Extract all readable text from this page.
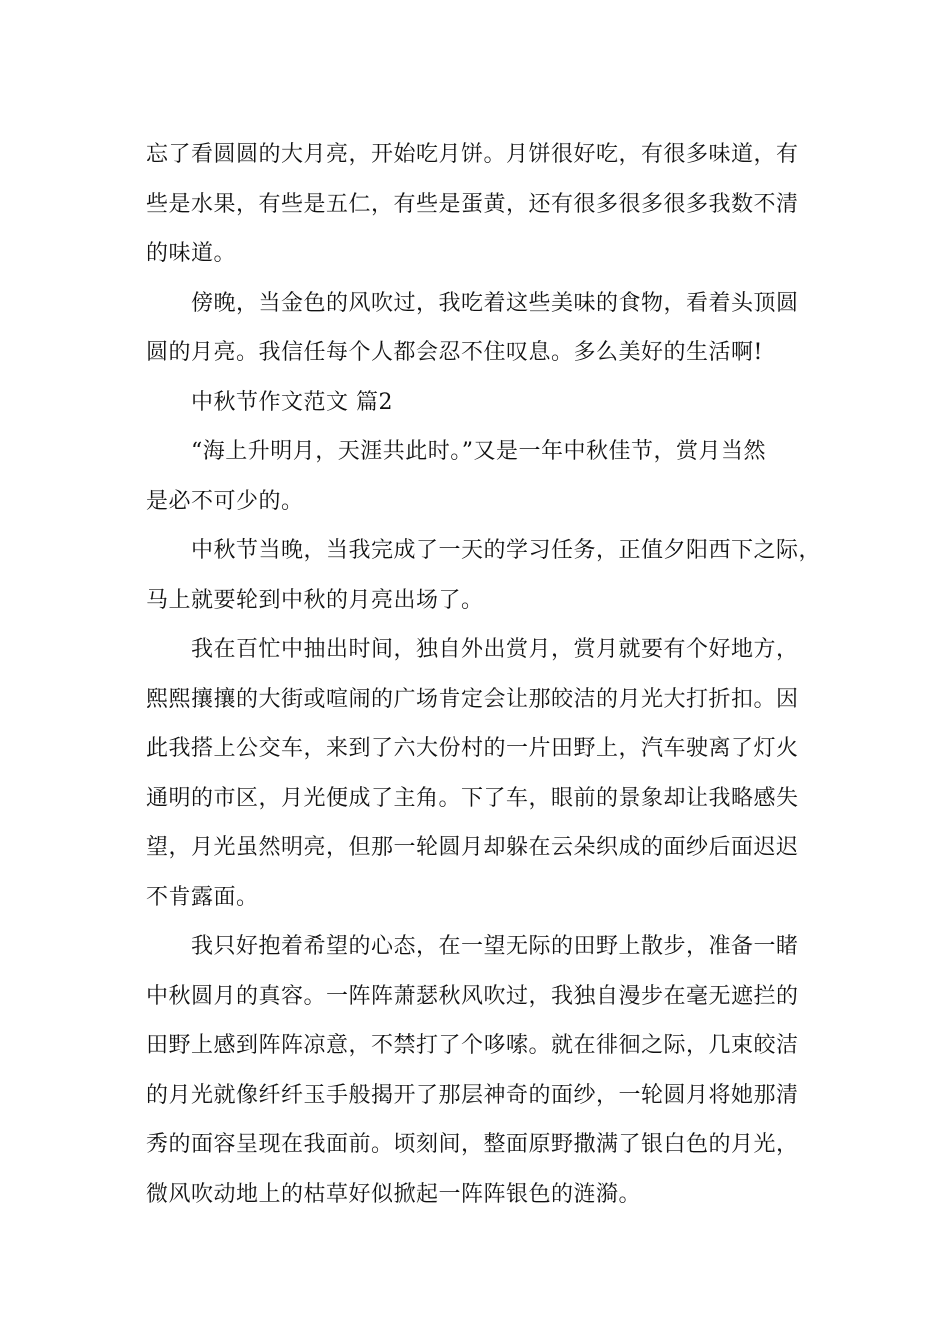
忘了看圆圆的大月亮，开始吃月饼。月饼很好吃，有很多味道，有
些是水果，有些是五仁，有些是蛋黄，还有很多很多很多我数不清
的味道。
傍晚，当金色的风吹过，我吃着这些美味的食物，看着头顶圆
圆的月亮。我信任每个人都会忍不住叹息。多么美好的生活啊!
中秋节作文范文 篇2
“海上升明月，天涯共此时。”又是一年中秋佳节，赏月当然
是必不可少的。
中秋节当晚，当我完成了一天的学习任务，正值夕阳西下之际，
马上就要轮到中秋的月亮出场了。
我在百忙中抽出时间，独自外出赏月，赏月就要有个好地方，
熙熙攘攘的大街或喧闹的广场肯定会让那皎洁的月光大打折扣。因
此我搭上公交车，来到了六大份村的一片田野上，汽车驶离了灯火
通明的市区，月光便成了主角。下了车，眼前的景象却让我略感失
望，月光虽然明亮，但那一轮圆月却躲在云朵织成的面纱后面迟迟
不肯露面。
我只好抱着希望的心态，在一望无际的田野上散步，准备一睹
中秋圆月的真容。一阵阵萧瑟秋风吹过，我独自漫步在毫无遮拦的
田野上感到阵阵凉意，不禁打了个哆嗦。就在徘徊之际，几束皎洁
的月光就像纤纤玉手般揭开了那层神奇的面纱，一轮圆月将她那清
秀的面容呈现在我面前。顷刻间，整面原野撒满了银白色的月光，
微风吹动地上的枯草好似掀起一阵阵银色的涟漪。
